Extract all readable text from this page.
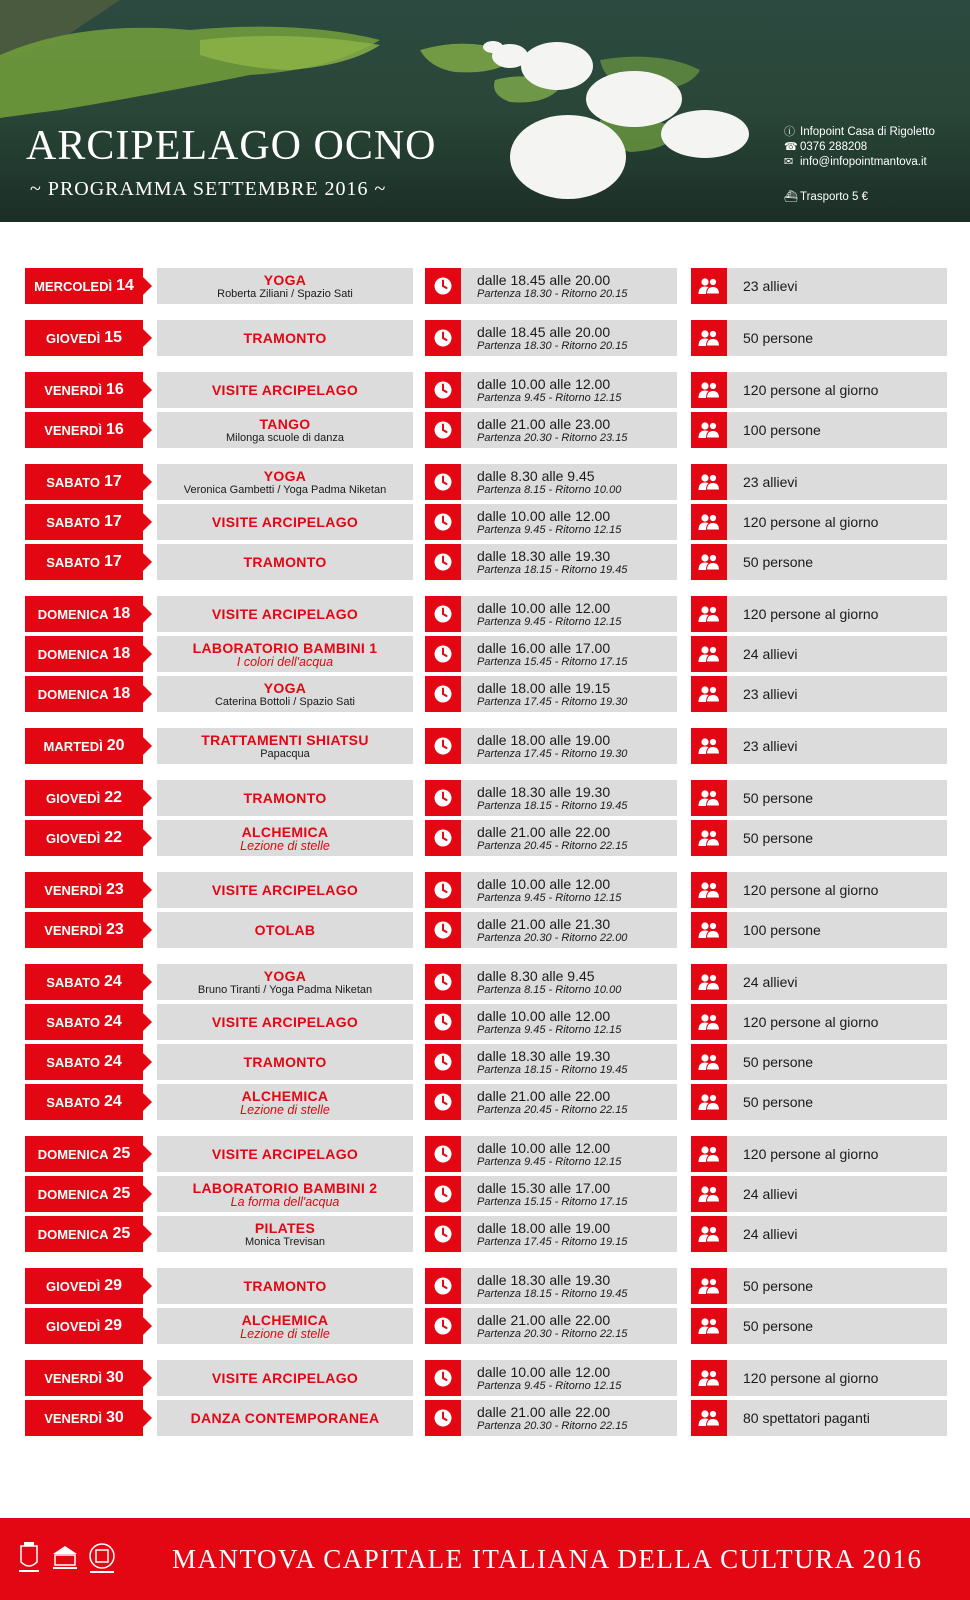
ARCIPELAGO OCNO
~ PROGRAMMA SETTEMBRE 2016 ~
ⓘ Infopoint Casa di Rigoletto
☎ 0376 288208
✉ info@infopointmantova.it
⛴ Trasporto 5 €
MERCOLEDÌ 14	YOGA
Roberta Ziliani / Spazio Sati
dalle 18.45 alle 20.00
Partenza 18.30 - Ritorno 20.15	23 allievi
GIOVEDÌ 15	TRAMONTO	dalle 18.45 alle 20.00
Partenza 18.30 - Ritorno 20.15	50 persone
VENERDÌ 16	VISITE ARCIPELAGO	dalle 10.00 alle 12.00
Partenza 9.45 - Ritorno 12.15	120 persone al giorno
VENERDÌ 16	TANGO
Milonga scuole di danza
dalle 21.00 alle 23.00
Partenza 20.30 - Ritorno 23.15	100 persone
SABATO 17	YOGA
Veronica Gambetti / Yoga Padma Niketan
dalle 8.30 alle 9.45
Partenza 8.15 - Ritorno 10.00	23 allievi
SABATO 17	VISITE ARCIPELAGO	dalle 10.00 alle 12.00
Partenza 9.45 - Ritorno 12.15	120 persone al giorno
SABATO 17	TRAMONTO	dalle 18.30 alle 19.30
Partenza 18.15 - Ritorno 19.45	50 persone
DOMENICA 18	VISITE ARCIPELAGO	dalle 10.00 alle 12.00
Partenza 9.45 - Ritorno 12.15	120 persone al giorno
DOMENICA 18	LABORATORIO BAMBINI 1
I colori dell'acqua
dalle 16.00 alle 17.00
Partenza 15.45 - Ritorno 17.15	24 allievi
DOMENICA 18	YOGA
Caterina Bottoli / Spazio Sati
dalle 18.00 alle 19.15
Partenza 17.45 - Ritorno 19.30	23 allievi
MARTEDÌ 20	TRATTAMENTI SHIATSU
Papacqua
dalle 18.00 alle 19.00
Partenza 17.45 - Ritorno 19.30	23 allievi
GIOVEDÌ 22	TRAMONTO	dalle 18.30 alle 19.30
Partenza 18.15 - Ritorno 19.45	50 persone
GIOVEDÌ 22	ALCHEMICA
Lezione di stelle
dalle 21.00 alle 22.00
Partenza 20.45 - Ritorno 22.15	50 persone
VENERDÌ 23	VISITE ARCIPELAGO	dalle 10.00 alle 12.00
Partenza 9.45 - Ritorno 12.15	120 persone al giorno
VENERDÌ 23	OTOLAB	dalle 21.00 alle 21.30
Partenza 20.30 - Ritorno 22.00	100 persone
SABATO 24	YOGA
Bruno Tiranti / Yoga Padma Niketan
dalle 8.30 alle 9.45
Partenza 8.15 - Ritorno 10.00	24 allievi
SABATO 24	VISITE ARCIPELAGO	dalle 10.00 alle 12.00
Partenza 9.45 - Ritorno 12.15	120 persone al giorno
SABATO 24	TRAMONTO	dalle 18.30 alle 19.30
Partenza 18.15 - Ritorno 19.45	50 persone
SABATO 24	ALCHEMICA
Lezione di stelle
dalle 21.00 alle 22.00
Partenza 20.45 - Ritorno 22.15	50 persone
DOMENICA 25	VISITE ARCIPELAGO	dalle 10.00 alle 12.00
Partenza 9.45 - Ritorno 12.15	120 persone al giorno
DOMENICA 25	LABORATORIO BAMBINI 2
La forma dell'acqua
dalle 15.30 alle 17.00
Partenza 15.15 - Ritorno 17.15	24 allievi
DOMENICA 25	PILATES
Monica Trevisan
dalle 18.00 alle 19.00
Partenza 17.45 - Ritorno 19.15	24 allievi
GIOVEDÌ 29	TRAMONTO	dalle 18.30 alle 19.30
Partenza 18.15 - Ritorno 19.45	50 persone
GIOVEDÌ 29	ALCHEMICA
Lezione di stelle
dalle 21.00 alle 22.00
Partenza 20.30 - Ritorno 22.15	50 persone
VENERDÌ 30	VISITE ARCIPELAGO	dalle 10.00 alle 12.00
Partenza 9.45 - Ritorno 12.15	120 persone al giorno
VENERDÌ 30	DANZA CONTEMPORANEA	dalle 21.00 alle 22.00
Partenza 20.30 - Ritorno 22.15	80 spettatori paganti
MANTOVA CAPITALE ITALIANA DELLA CULTURA 2016
